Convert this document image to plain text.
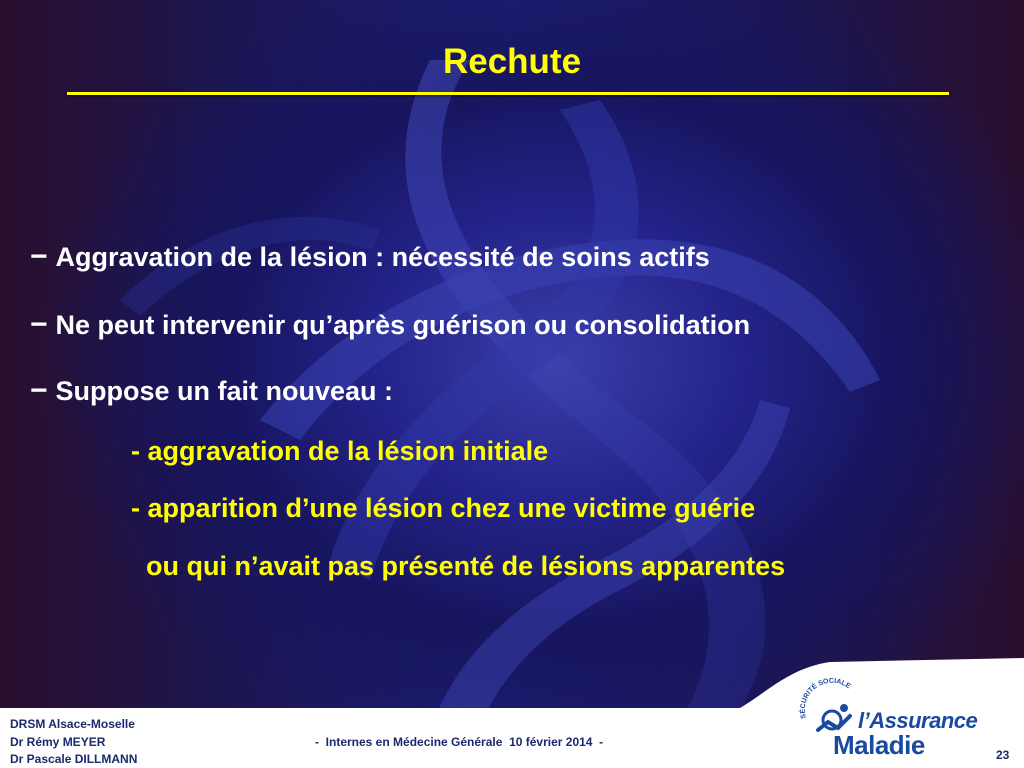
Rechute
− Aggravation de la lésion : nécessité de soins actifs
− Ne peut intervenir qu’après guérison ou consolidation
− Suppose un fait nouveau :
- aggravation de la lésion initiale
- apparition d’une lésion chez une victime guérie
ou qui n’avait pas présenté de lésions apparentes
DRSM Alsace-Moselle
Dr Rémy MEYER
Dr Pascale DILLMANN
-  Internes en Médecine Générale  10 février 2014  -
23
SÉCURITÉ SOCIALE
l’Assurance
Maladie
